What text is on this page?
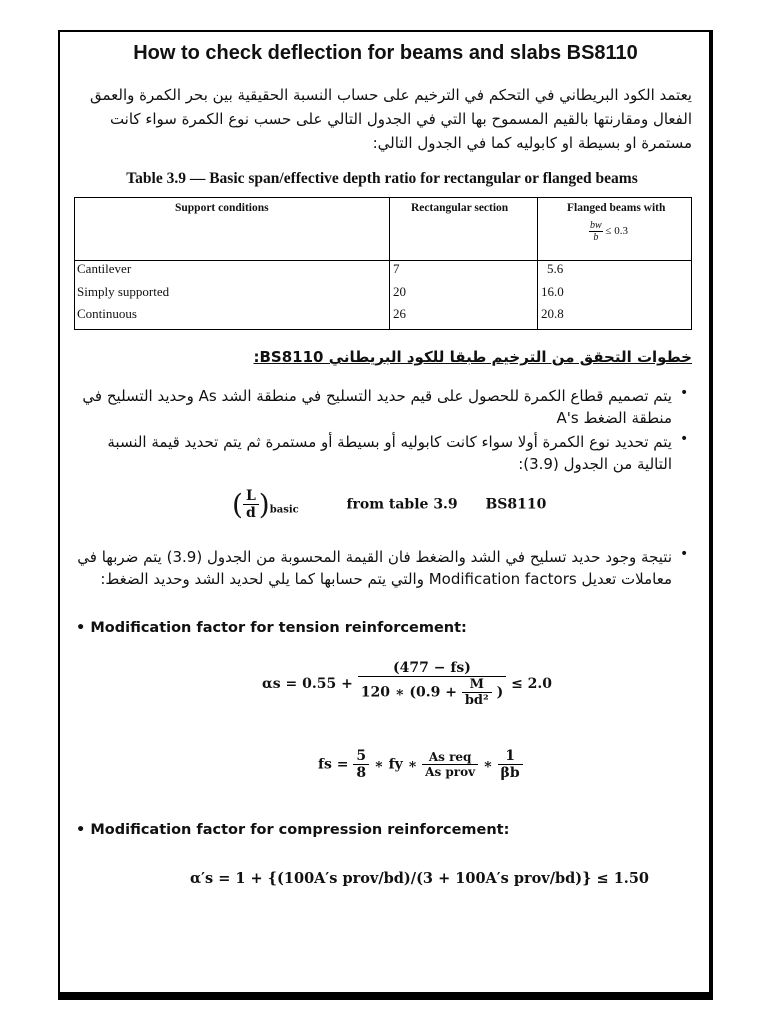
How to check deflection for beams and slabs BS8110
يعتمد الكود البريطاني في التحكم في الترخيم على حساب النسبة الحقيقية بين بحر الكمرة والعمق الفعال ومقارنتها بالقيم المسموح بها التي في الجدول التالي على حسب نوع الكمرة سواء كانت مستمرة او بسيطة او كابوليه كما في الجدول التالي:
Table 3.9 — Basic span/effective depth ratio for rectangular or flanged beams
Support conditions	Rectangular section	Flanged beams with
$\frac{bw}{b} \le 0.3$
Cantilever	7	5.6
Simply supported	20	16.0
Continuous	26	20.8
خطوات التحقق من الترخيم طبقا للكود البريطاني BS8110:
يتم تصميم قطاع الكمرة للحصول على قيم حديد التسليح في منطقة الشد As وحديد التسليح في منطقة الضغط A's
•
يتم تحديد نوع الكمرة أولا سواء كانت كابوليه أو بسيطة أو مستمرة ثم يتم تحديد قيمة النسبة التالية من الجدول (3.9):
•
( $\frac{L}{d} )_{basic}$	from table 3.9 BS8110
نتيجة وجود حديد تسليح في الشد والضغط فان القيمة المحسوبة من الجدول (3.9) يتم ضربها في معاملات تعديل Modification factors والتي يتم حسابها كما يلي لحديد الشد وحديد الضغط:
•
• Modification factor for tension reinforcement:
$\alpha s = 0.55 + \frac{(477 - fs)}{120 ∗ (0.9 + \frac{M}{\text{bd²}} )} \le 2.0$
fs = $\frac{5}{8}$ ∗ fy ∗ $\frac{\text{As req}}{\text{As prov}}$ ∗ $\frac{1}{\beta b}$
• Modification factor for compression reinforcement:
α′s = 1 + {(100A′s prov/bd)/(3 + 100A′s prov/bd)} ≤ 1.50
